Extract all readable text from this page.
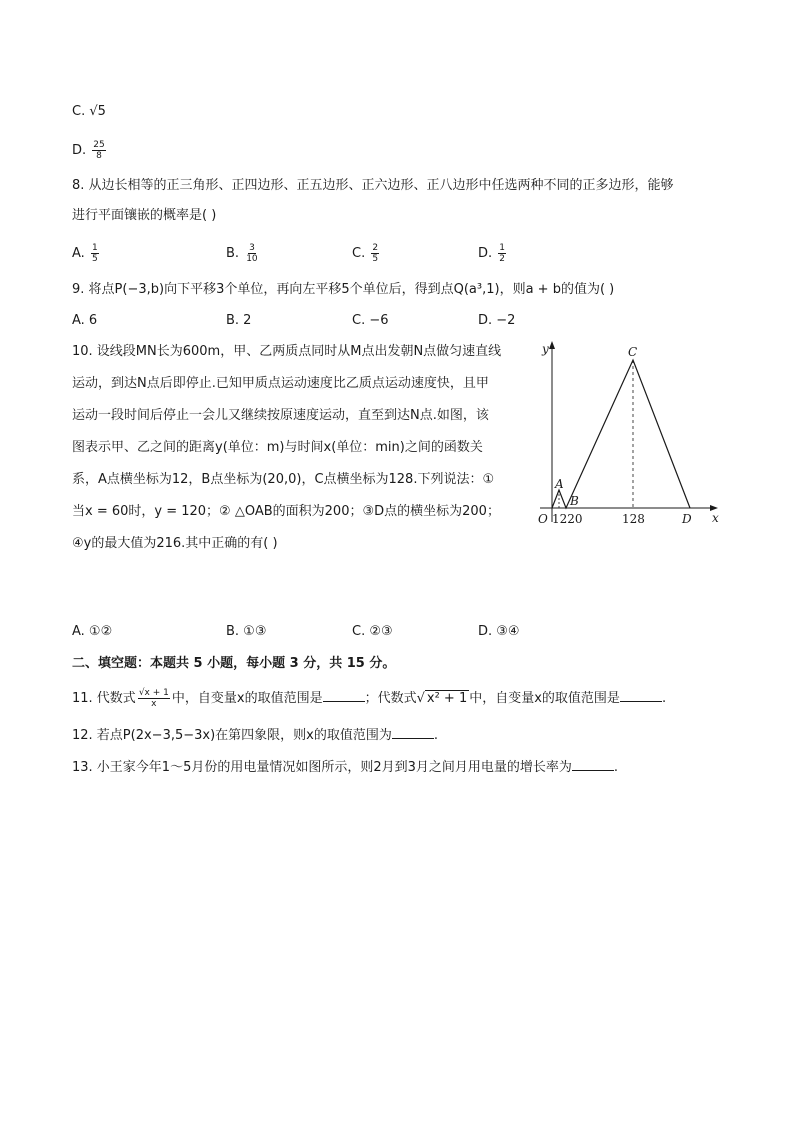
C. √5
D. $\frac{25}{8}$
8. 从边长相等的正三角形、正四边形、正五边形、正六边形、正八边形中任选两种不同的正多边形，能够
进行平面镶嵌的概率是( )
A. $\frac{1}{5}$	B. $\frac{3}{10}$	C. $\frac{2}{5}$	D. $\frac{1}{2}$
9. 将点P(−3,b)向下平移3个单位，再向左平移5个单位后，得到点Q(a³,1)，则a + b的值为( )
A. 6	B. 2	C. −6	D. −2
10. 设线段MN长为600m，甲、乙两质点同时从M点出发朝N点做匀速直线
运动，到达N点后即停止.已知甲质点运动速度比乙质点运动速度快，且甲
运动一段时间后停止一会儿又继续按原速度运动，直至到达N点.如图，该
图表示甲、乙之间的距离y(单位：m)与时间x(单位：min)之间的函数关
系，A点横坐标为12，B点坐标为(20,0)，C点横坐标为128.下列说法：①
当x = 60时，y = 120；② △OAB的面积为200；③D点的横坐标为200；
④y的最大值为216.其中正确的有( )
y
x
O
A
B
C
D
1220	128
A. ①②	B. ①③	C. ②③	D. ③④
二、填空题：本题共 5 小题，每小题 3 分，共 15 分。
11. 代数式 $\frac{√x + 1}{x}$ 中，自变量x的取值范围是	；代数式√ x² + 1 中，自变量x的取值范围是	.
12. 若点P(2x−3,5−3x)在第四象限，则x的取值范围为	.
13. 小王家今年1～5月份的用电量情况如图所示，则2月到3月之间月用电量的增长率为	.
